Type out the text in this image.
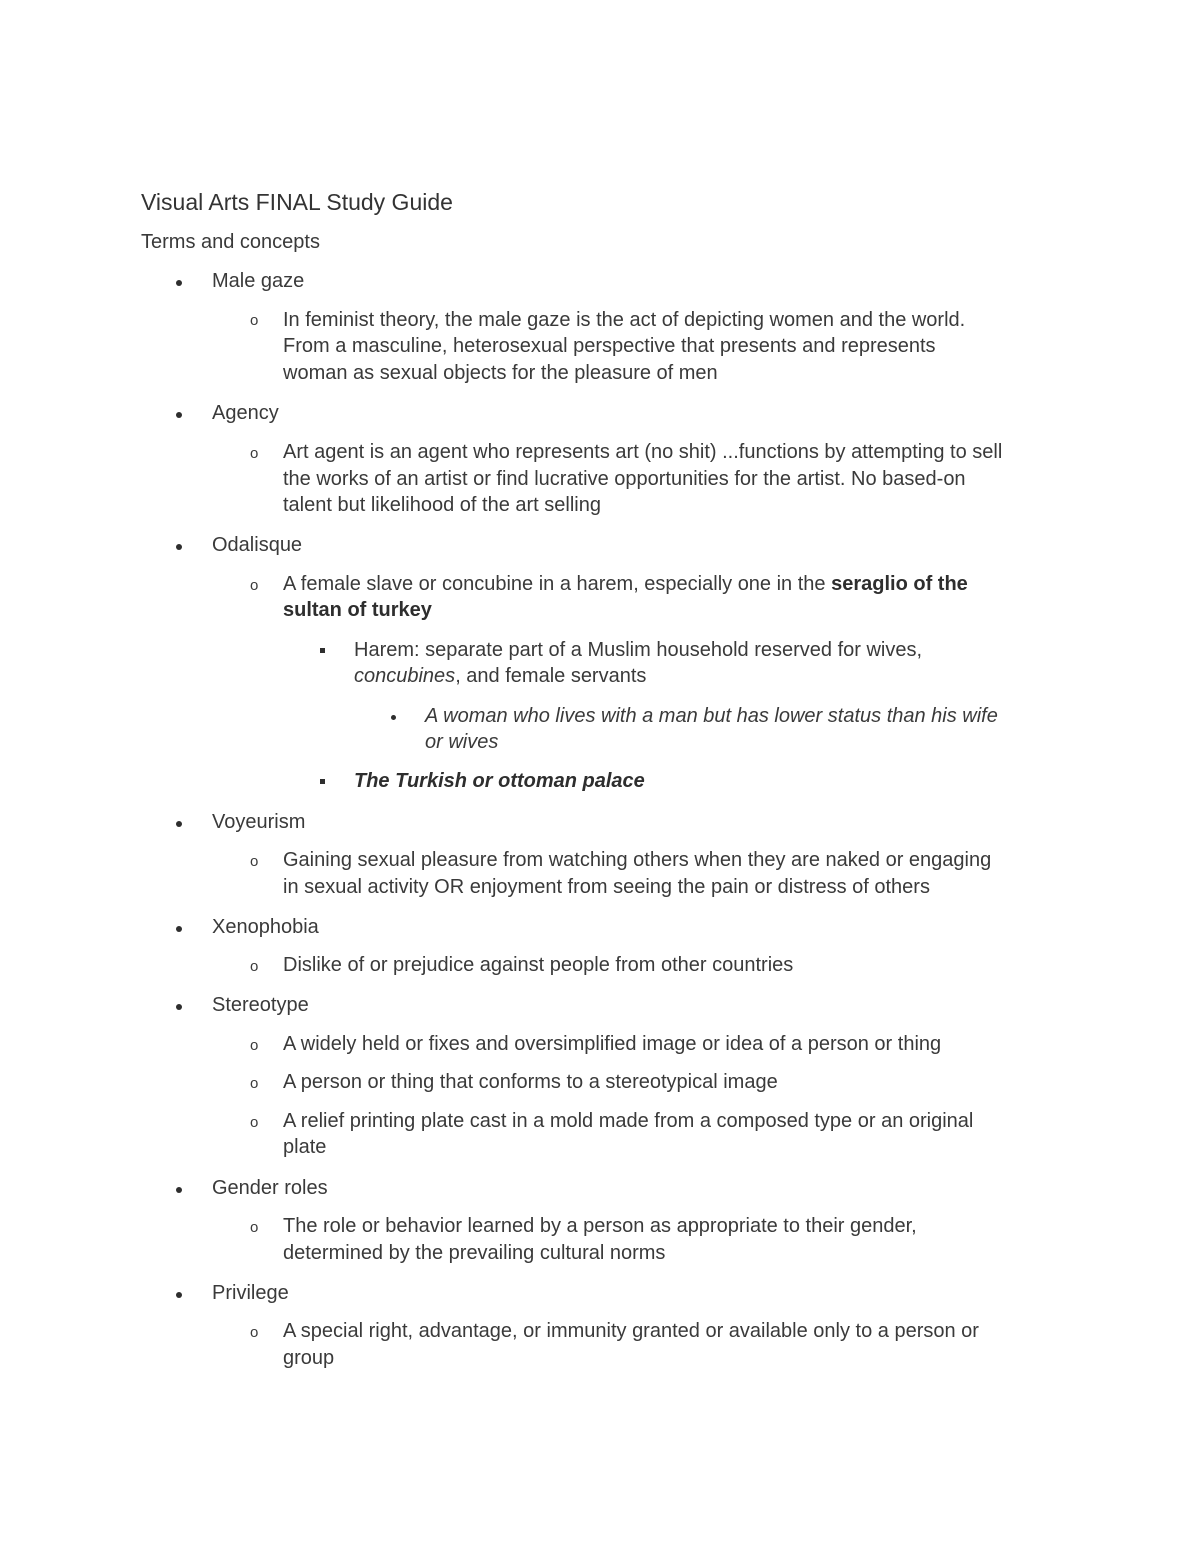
Visual Arts FINAL Study Guide
Terms and concepts
Male gaze
o In feminist theory, the male gaze is the act of depicting women and the world.
From a masculine, heterosexual perspective that presents and represents
woman as sexual objects for the pleasure of men
Agency
o Art agent is an agent who represents art (no shit) ...functions by attempting to sell
the works of an artist or find lucrative opportunities for the artist. No based-on
talent but likelihood of the art selling
Odalisque
o A female slave or concubine in a harem, especially one in the seraglio of the
sultan of turkey
Harem: separate part of a Muslim household reserved for wives,
concubines, and female servants
A woman who lives with a man but has lower status than his wife
or wives
The Turkish or ottoman palace
Voyeurism
o Gaining sexual pleasure from watching others when they are naked or engaging
in sexual activity OR enjoyment from seeing the pain or distress of others
Xenophobia
o Dislike of or prejudice against people from other countries
Stereotype
o A widely held or fixes and oversimplified image or idea of a person or thing
o A person or thing that conforms to a stereotypical image
o A relief printing plate cast in a mold made from a composed type or an original
plate
Gender roles
o The role or behavior learned by a person as appropriate to their gender,
determined by the prevailing cultural norms
Privilege
o A special right, advantage, or immunity granted or available only to a person or
group
